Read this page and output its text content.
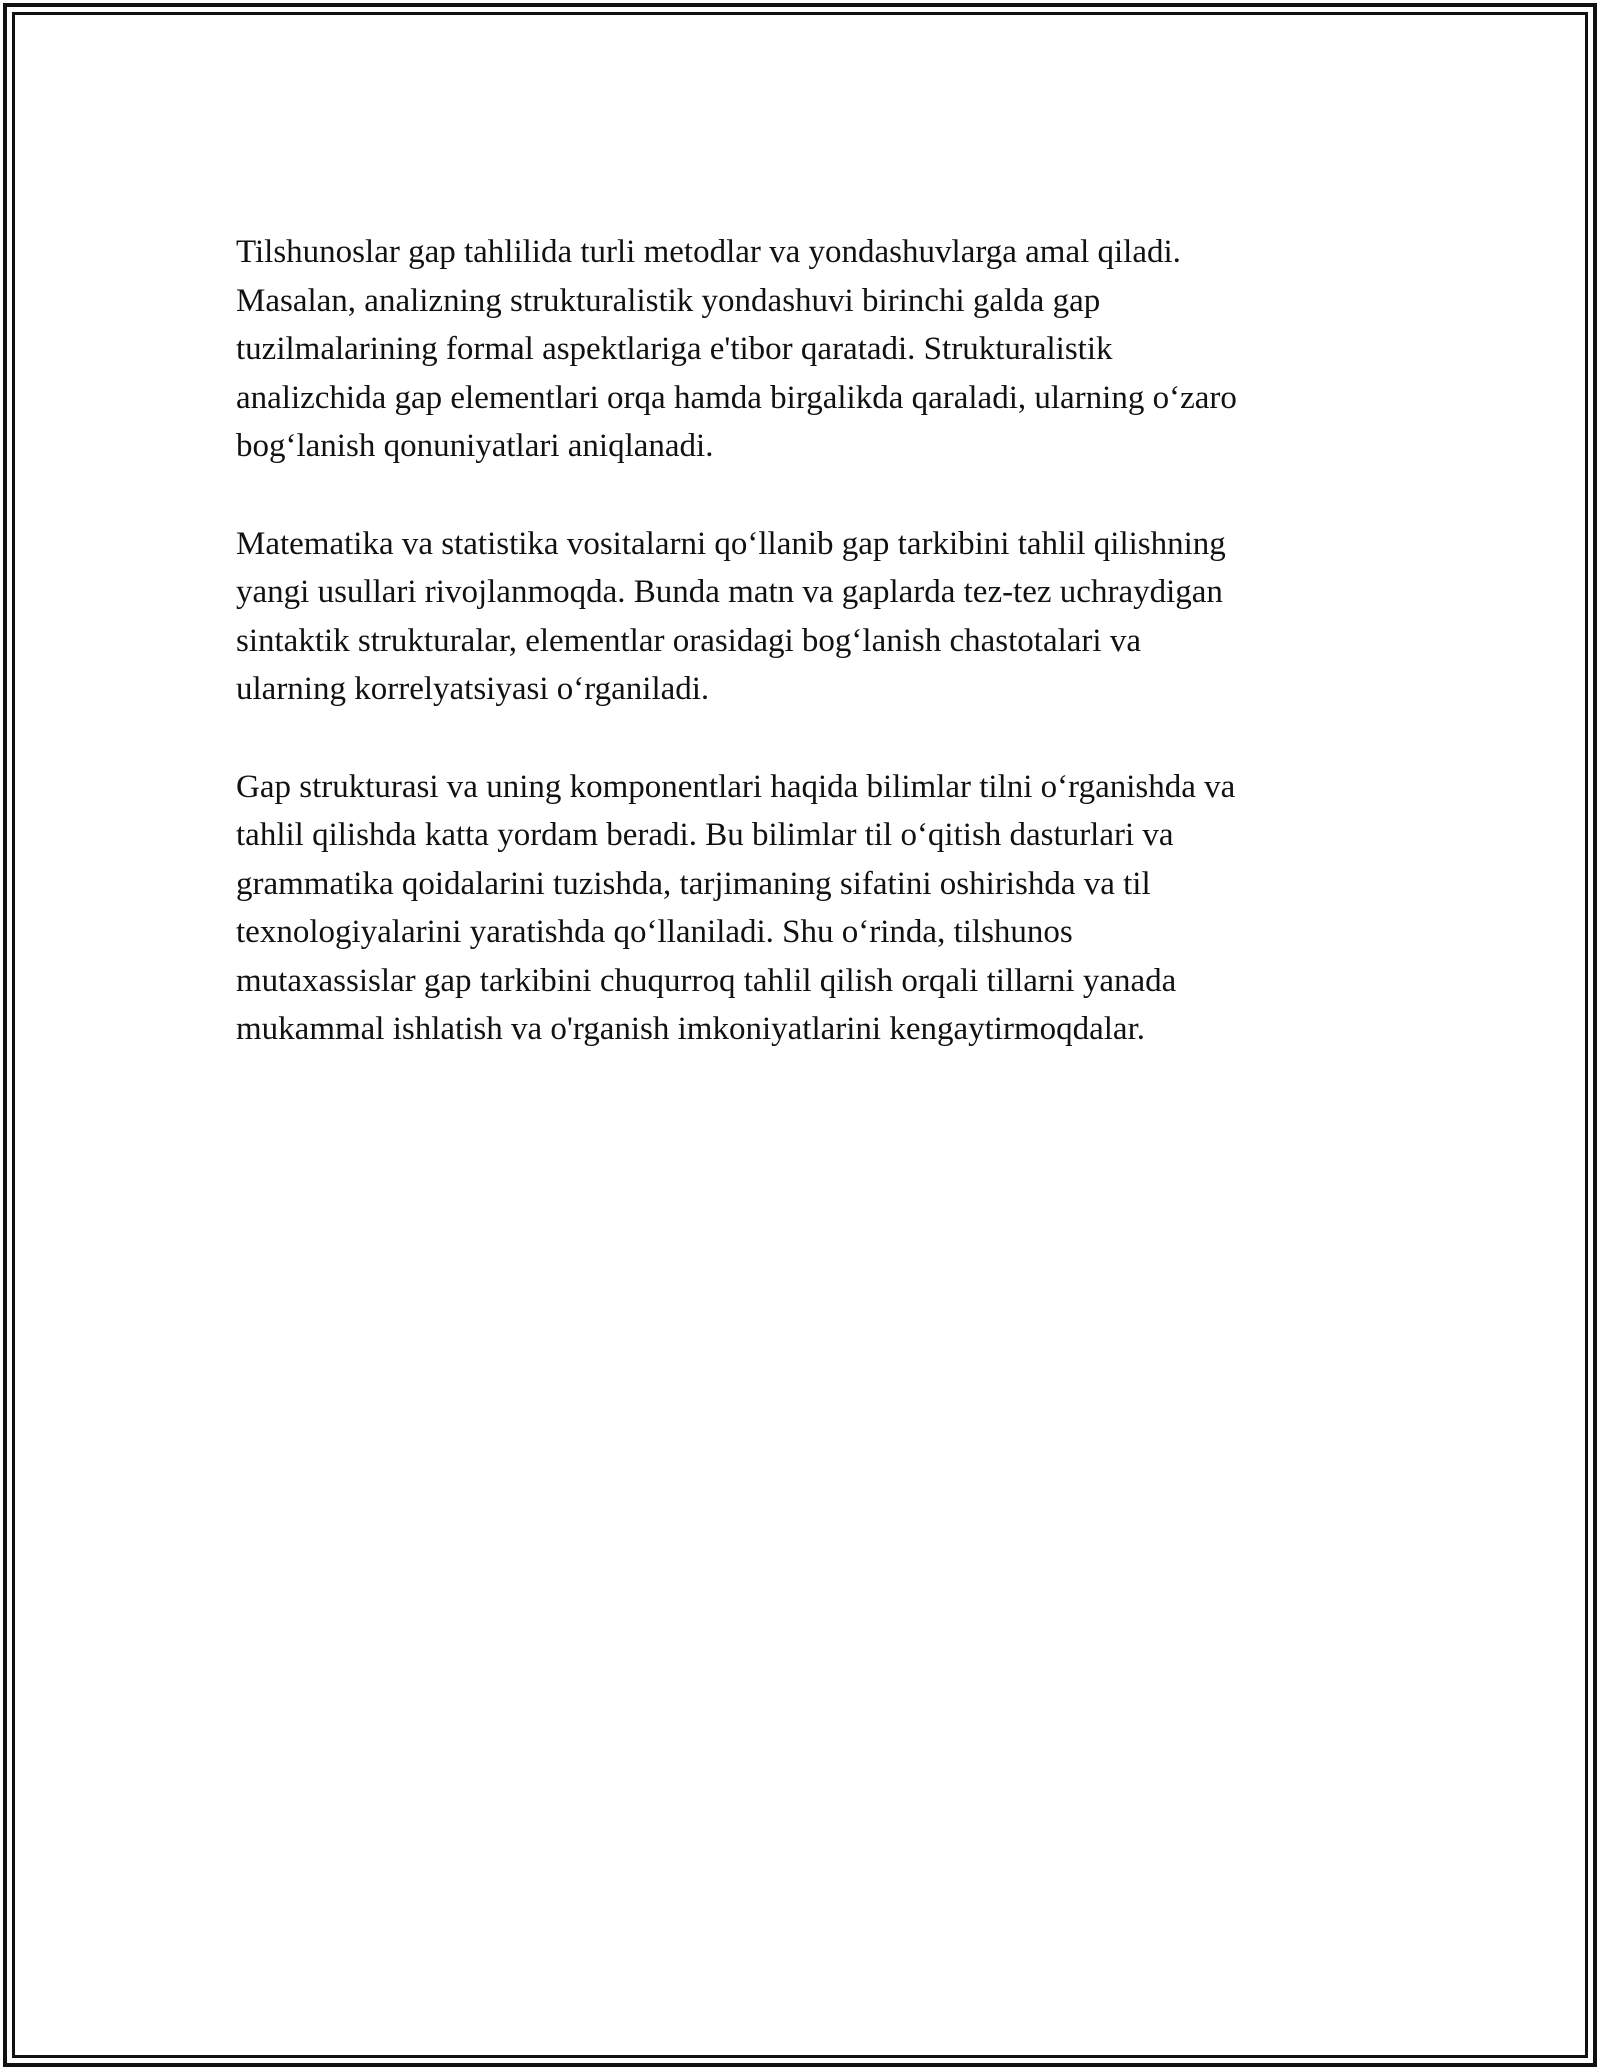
Tilshunoslar gap tahlilida turli metodlar va yondashuvlarga amal qiladi.
Masalan, analizning strukturalistik yondashuvi birinchi galda gap
tuzilmalarining formal aspektlariga e'tibor qaratadi. Strukturalistik
analizchida gap elementlari orqa hamda birgalikda qaraladi, ularning o‘zaro
bog‘lanish qonuniyatlari aniqlanadi.

Matematika va statistika vositalarni qo‘llanib gap tarkibini tahlil qilishning
yangi usullari rivojlanmoqda. Bunda matn va gaplarda tez-tez uchraydigan
sintaktik strukturalar, elementlar orasidagi bog‘lanish chastotalari va
ularning korrelyatsiyasi o‘rganiladi.

Gap strukturasi va uning komponentlari haqida bilimlar tilni o‘rganishda va
tahlil qilishda katta yordam beradi. Bu bilimlar til o‘qitish dasturlari va
grammatika qoidalarini tuzishda, tarjimaning sifatini oshirishda va til
texnologiyalarini yaratishda qo‘llaniladi. Shu o‘rinda, tilshunos
mutaxassislar gap tarkibini chuqurroq tahlil qilish orqali tillarni yanada
mukammal ishlatish va o'rganish imkoniyatlarini kengaytirmoqdalar.
